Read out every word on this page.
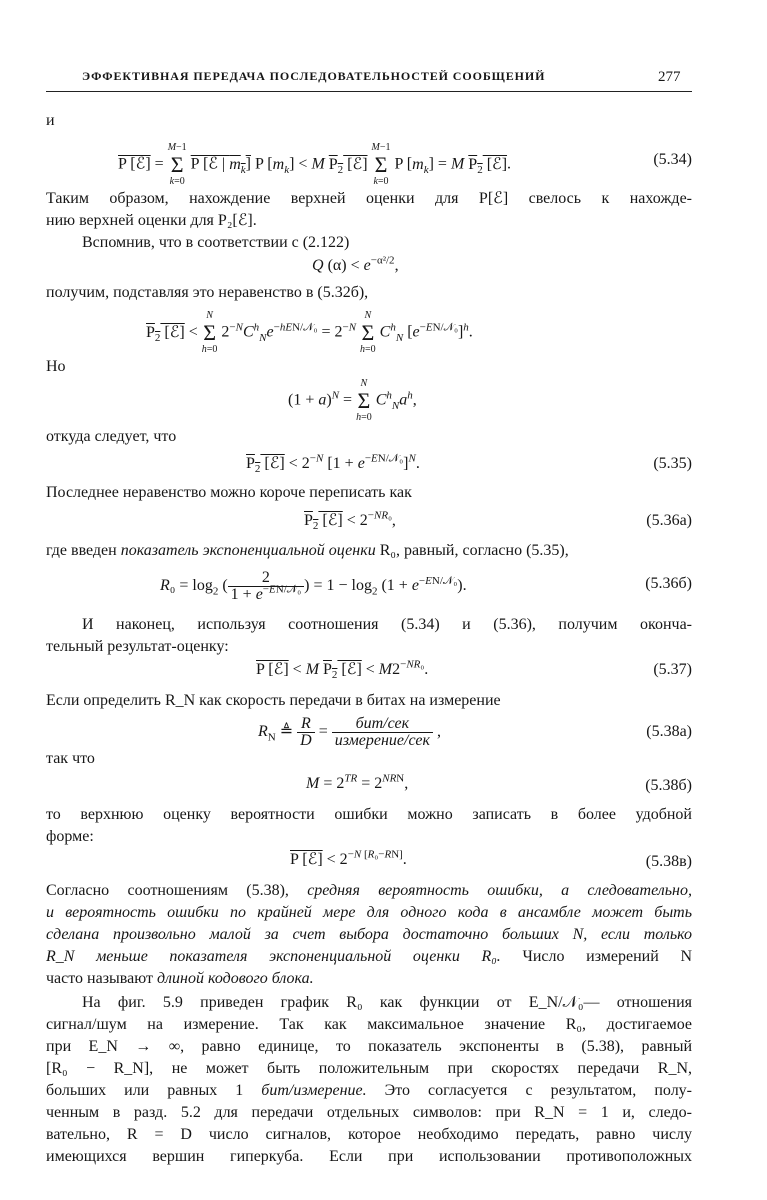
ЭФФЕКТИВНАЯ ПЕРЕДАЧА ПОСЛЕДОВАТЕЛЬНОСТЕЙ СООБЩЕНИЙ	277
и
P [ℰ] =
M−1
Σ
k=0
P [ℰ | $m_k$] P $[m_k] < M$ $P_2$ [ℰ]
M−1
Σ
k=0
P $[m_k] = M$ $P_2$ [ℰ].	(5.34)
Таким образом, нахождение верхней оценки для P[ℰ] свелось к нахожде-
нию верхней оценки для P₂[ℰ].
Вспомнив, что в соответствии с (2.122)
Q $(\alpha) < e^{-\alpha^2/2}$,
получим, подставляя это неравенство в (5.32б),
$P_2$ [ℰ] <
N
Σ
h=0
$2^{-N}C^h_Ne^{-hEN/𝒩_0} = 2^{-N}$
N
Σ
h=0
$C^h_N$ $[e^{-EN/𝒩_0}]^h$.
Но
$(1 + a)^N$ =
N
Σ
h=0
$C^h_Na^h$,
откуда следует, что
$P_2$ [ℰ] < $2^{-N}$ $[1 + e^{-EN/𝒩_0}]^N$.	(5.35)
Последнее неравенство можно короче переписать как
$P_2$ [ℰ] < $2^{-NR_0}$,	(5.36а)
где введен показатель экспоненциальной оценки R₀, равный, согласно (5.35),
$R_0 = \log_2$ ( $\frac{2}{1 + e^{-EN/𝒩_0}}$ ) = $1 - \log_2 (1 + e^{-EN/𝒩_0})$.	(5.36б)
И наконец, используя соотношения (5.34) и (5.36), получим оконча-
тельный результат-оценку:
P [ℰ] < M $P_2$ [ℰ] < $M2^{-NR_0}$.	(5.37)
Если определить R_N как скорость передачи в битах на измерение
$R_N$ ≜ $\frac{R}{D} = \frac{\text{бит/сек}}{\text{измерение/сек}}$ ,	(5.38а)
так что
$M = 2^{TR} = 2^{NRN}$,	(5.38б)
то верхнюю оценку вероятности ошибки можно записать в более удобной
форме:
P [ℰ] < $2^{-N [R_0-RN]}$.	(5.38в)
Согласно соотношениям (5.38), средняя вероятность ошибки, а следовательно,
и вероятность ошибки по крайней мере для одного кода в ансамбле может быть
сделана произвольно малой за счет выбора достаточно больших N, если только
R_N меньше показателя экспоненциальной оценки R₀. Число измерений N
часто называют длиной кодового блока.
На фиг. 5.9 приведен график R₀ как функции от E_N/𝒩₀— отношения
сигнал/шум на измерение. Так как максимальное значение R₀, достигаемое
при E_N → ∞, равно единице, то показатель экспоненты в (5.38), равный
[R₀ − R_N], не может быть положительным при скоростях передачи R_N,
больших или равных 1 бит/измерение. Это согласуется с результатом, полу-
ченным в разд. 5.2 для передачи отдельных символов: при R_N = 1 и, следо-
вательно, R = D число сигналов, которое необходимо передать, равно числу
имеющихся вершин гиперкуба. Если при использовании противоположных
